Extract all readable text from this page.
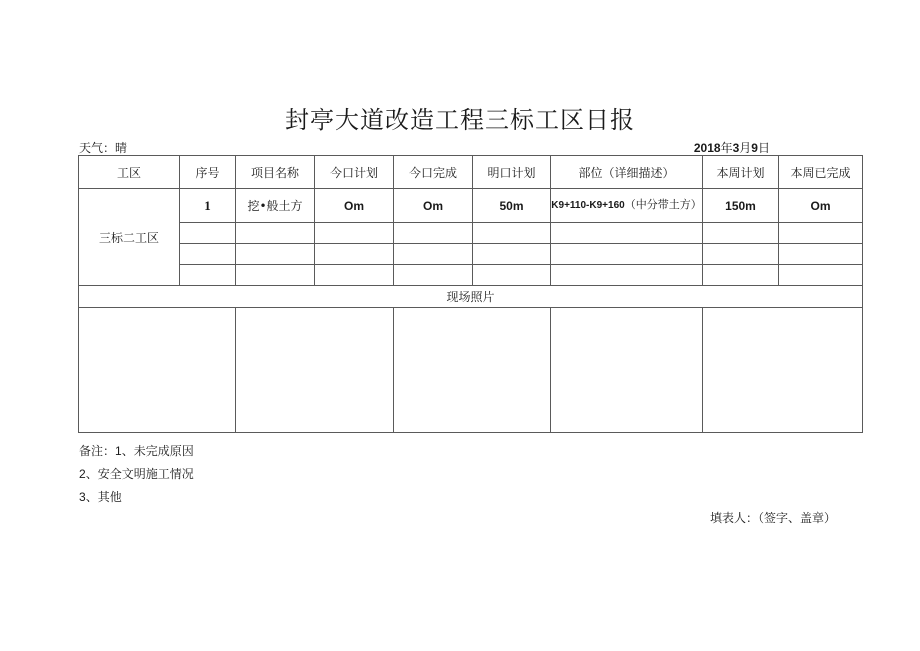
封亭大道改造工程三标工区日报
天气：晴	2018年3月9日
工区	序号	项目名称	今口计划	今口完成	明口计划	部位（详细描述）	本周计划	本周已完成
三标二工区	1	挖•般土方	Om	Om	50m	K9+110-K9+160（中分带土方）	150m	Om

现场照片								

备注：1、未完成原因
2、安全文明施工情况
3、其他
填表人：（签字、盖章）
